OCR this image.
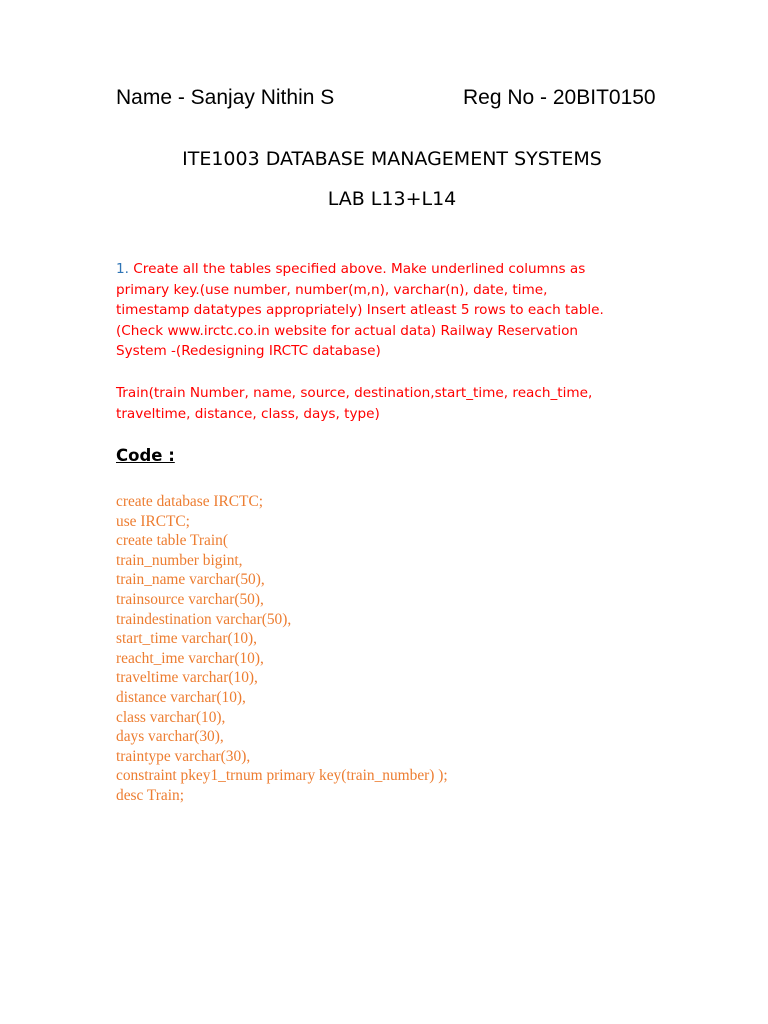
Name - Sanjay Nithin S	Reg No - 20BIT0150
ITE1003 DATABASE MANAGEMENT SYSTEMS
LAB L13+L14
1. Create all the tables specified above. Make underlined columns as
primary key.(use number, number(m,n), varchar(n), date, time,
timestamp datatypes appropriately) Insert atleast 5 rows to each table.
(Check www.irctc.co.in website for actual data) Railway Reservation
System -(Redesigning IRCTC database)
Train(train Number, name, source, destination,start_time, reach_time,
traveltime, distance, class, days, type)
Code :
create database IRCTC;
use IRCTC;
create table Train(
train_number bigint,
train_name varchar(50),
trainsource varchar(50),
traindestination varchar(50),
start_time varchar(10),
reacht_ime varchar(10),
traveltime varchar(10),
distance varchar(10),
class varchar(10),
days varchar(30),
traintype varchar(30),
constraint pkey1_trnum primary key(train_number) );
desc Train;
